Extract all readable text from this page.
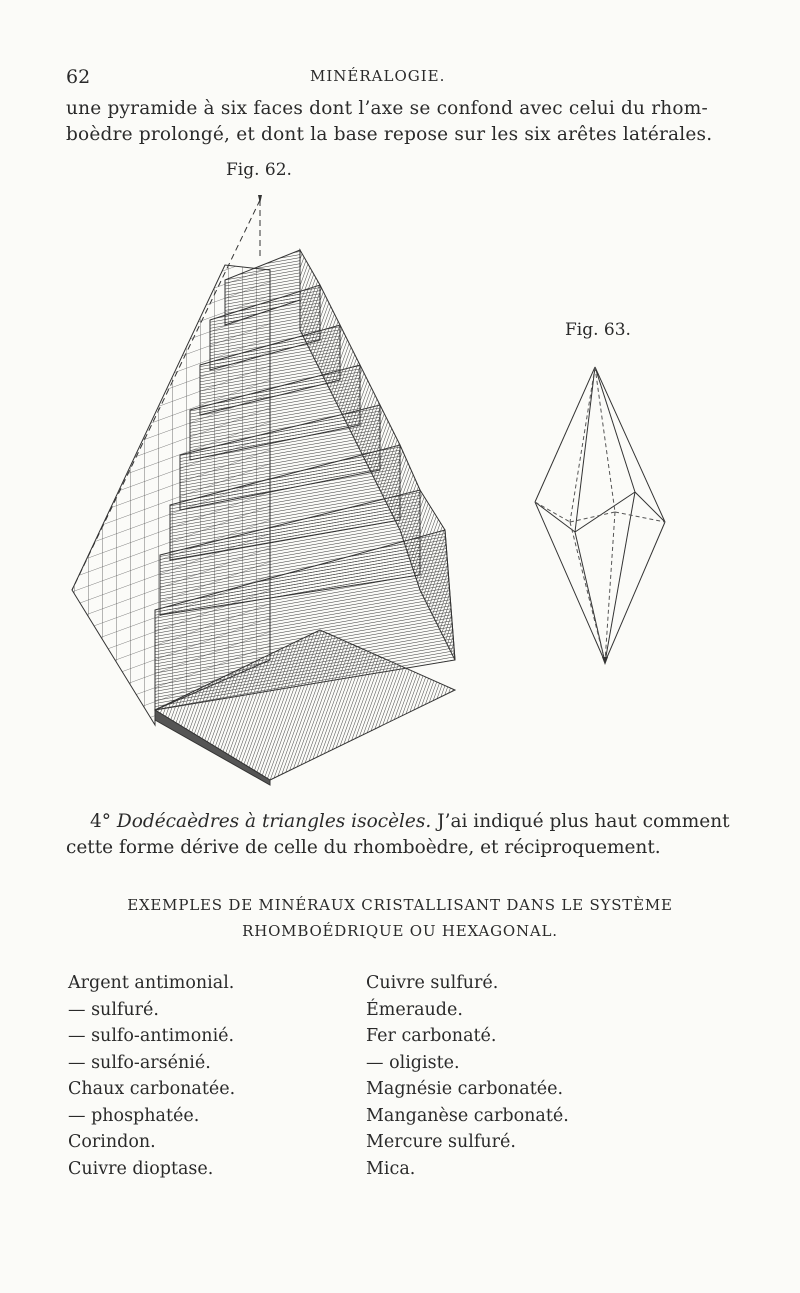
62	MINÉRALOGIE.
une pyramide à six faces dont l’axe se confond avec celui du rhom-
boèdre prolongé, et dont la base repose sur les six arêtes latérales.
Fig. 62.
Fig. 63.
4° Dodécaèdres à triangles isocèles. J’ai indiqué plus haut comment
cette forme dérive de celle du rhomboèdre, et réciproquement.
EXEMPLES DE MINÉRAUX CRISTALLISANT DANS LE SYSTÈME
RHOMBOÉDRIQUE OU HEXAGONAL.
Argent antimonial.
— sulfuré.
— sulfo-antimonié.
— sulfo-arsénié.
Chaux carbonatée.
— phosphatée.
Corindon.
Cuivre dioptase.
Cuivre sulfuré.
Émeraude.
Fer carbonaté.
— oligiste.
Magnésie carbonatée.
Manganèse carbonaté.
Mercure sulfuré.
Mica.
